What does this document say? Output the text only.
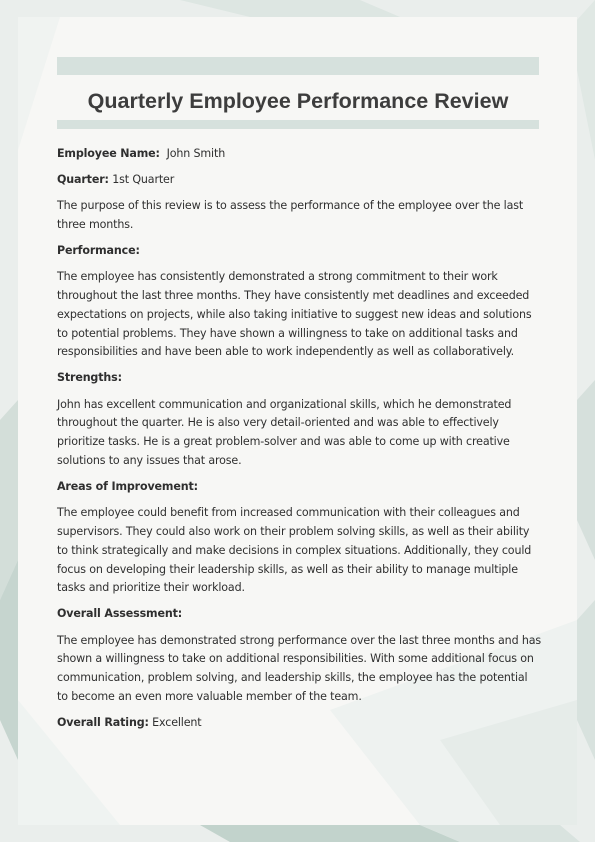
Quarterly Employee Performance Review

Employee Name: John Smith

Quarter: 1st Quarter

The purpose of this review is to assess the performance of the employee over the last three months.

Performance:

The employee has consistently demonstrated a strong commitment to their work throughout the last three months. They have consistently met deadlines and exceeded expectations on projects, while also taking initiative to suggest new ideas and solutions to potential problems. They have shown a willingness to take on additional tasks and responsibilities and have been able to work independently as well as collaboratively.

Strengths:

John has excellent communication and organizational skills, which he demonstrated throughout the quarter. He is also very detail-oriented and was able to effectively prioritize tasks. He is a great problem-solver and was able to come up with creative solutions to any issues that arose.

Areas of Improvement:

The employee could benefit from increased communication with their colleagues and supervisors. They could also work on their problem solving skills, as well as their ability to think strategically and make decisions in complex situations. Additionally, they could focus on developing their leadership skills, as well as their ability to manage multiple tasks and prioritize their workload.

Overall Assessment:

The employee has demonstrated strong performance over the last three months and has shown a willingness to take on additional responsibilities. With some additional focus on communication, problem solving, and leadership skills, the employee has the potential to become an even more valuable member of the team.

Overall Rating: Excellent
